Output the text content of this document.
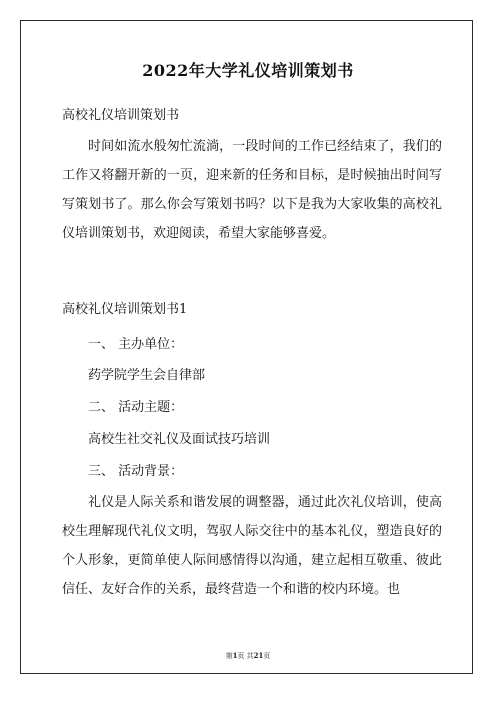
2022年大学礼仪培训策划书
高校礼仪培训策划书
时间如流水般匆忙流淌，一段时间的工作已经结束了，我们的工作又将翻开新的一页，迎来新的任务和目标，是时候抽出时间写写策划书了。那么你会写策划书吗？以下是我为大家收集的高校礼仪培训策划书，欢迎阅读，希望大家能够喜爱。
高校礼仪培训策划书1
一、 主办单位：
药学院学生会自律部
二、 活动主题：
高校生社交礼仪及面试技巧培训
三、 活动背景：
礼仪是人际关系和谐发展的调整器，通过此次礼仪培训，使高校生理解现代礼仪文明，驾驭人际交往中的基本礼仪，塑造良好的个人形象，更简单使人际间感情得以沟通，建立起相互敬重、彼此信任、友好合作的关系，最终营造一个和谐的校内环境。也
第1页 共21页
